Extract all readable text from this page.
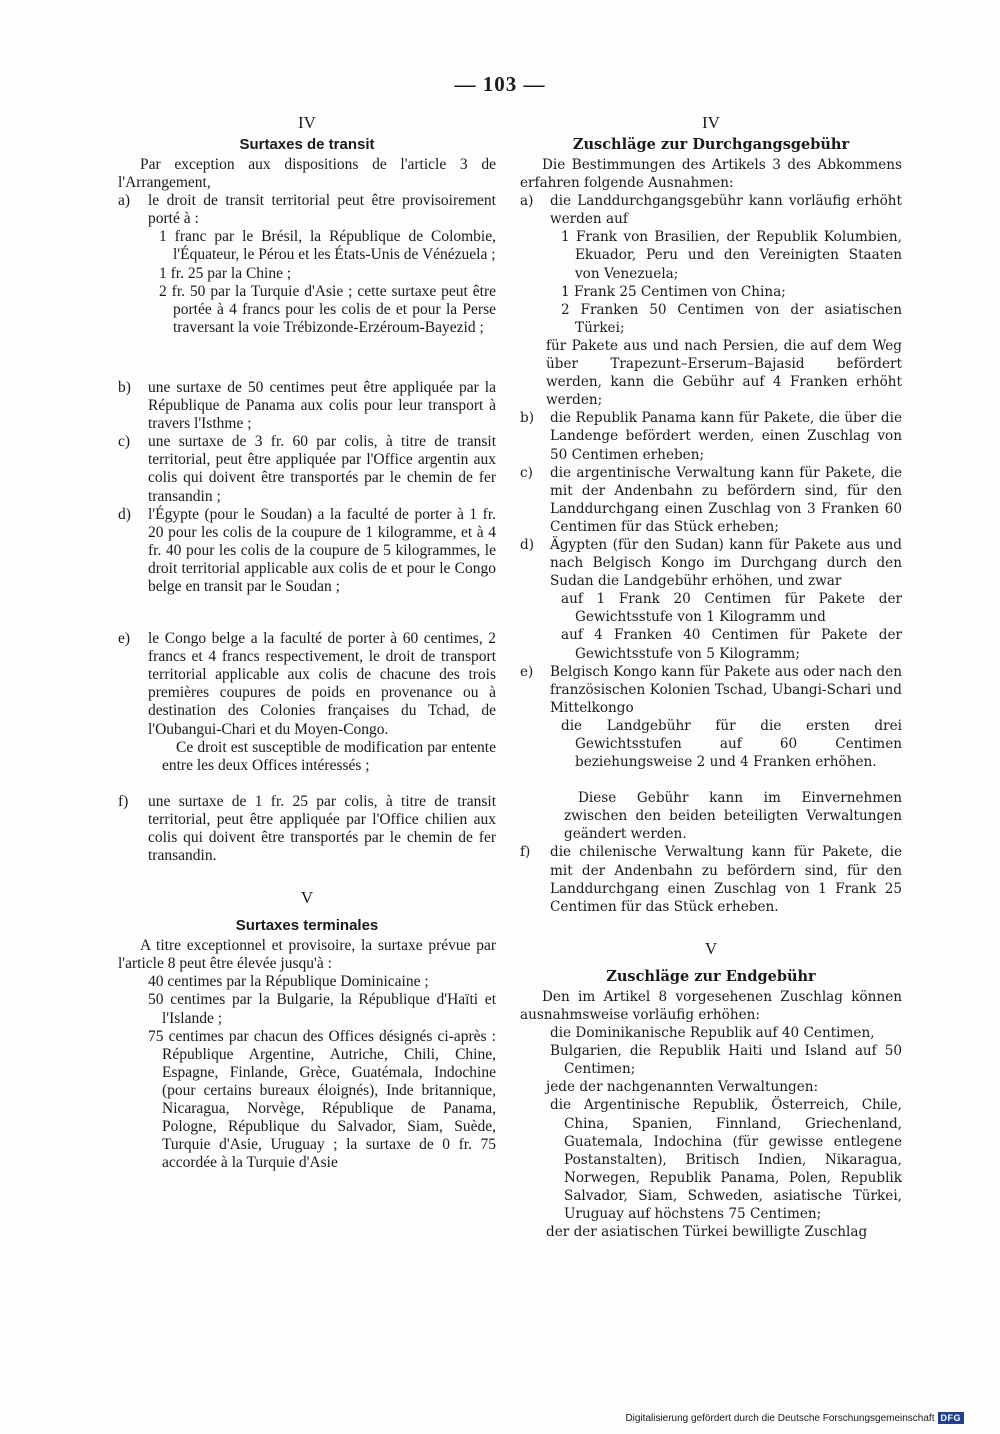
— 103 —

IV

Surtaxes de transit

Par exception aux dispositions de l'article 3 de l'Arrangement,

a) le droit de transit territorial peut être provisoirement porté à :

1 franc par le Brésil, la République de Colombie, l'Équateur, le Pérou et les États-Unis de Vénézuela ;

1 fr. 25 par la Chine ;

2 fr. 50 par la Turquie d'Asie ; cette surtaxe peut être portée à 4 francs pour les colis de et pour la Perse traversant la voie Trébizonde-Erzéroum-Bayezid ;

b) une surtaxe de 50 centimes peut être appliquée par la République de Panama aux colis pour leur transport à travers l'Isthme ;
c) une surtaxe de 3 fr. 60 par colis, à titre de transit territorial, peut être appliquée par l'Office argentin aux colis qui doivent être transportés par le chemin de fer transandin ;
d) l'Égypte (pour le Soudan) a la faculté de porter à 1 fr. 20 pour les colis de la coupure de 1 kilogramme, et à 4 fr. 40 pour les colis de la coupure de 5 kilogrammes, le droit territorial applicable aux colis de et pour le Congo belge en transit par le Soudan ;
e) le Congo belge a la faculté de porter à 60 centimes, 2 francs et 4 francs respectivement, le droit de transport territorial applicable aux colis de chacune des trois premières coupures de poids en provenance ou à destination des Colonies françaises du Tchad, de l'Oubangui-Chari et du Moyen-Congo.

Ce droit est susceptible de modification par entente entre les deux Offices intéressés ;

f) une surtaxe de 1 fr. 25 par colis, à titre de transit territorial, peut être appliquée par l'Office chilien aux colis qui doivent être transportés par le chemin de fer transandin.

V

Surtaxes terminales

A titre exceptionnel et provisoire, la surtaxe prévue par l'article 8 peut être élevée jusqu'à :

40 centimes par la République Dominicaine ;

50 centimes par la Bulgarie, la République d'Haïti et l'Islande ;

75 centimes par chacun des Offices désignés ci-après : République Argentine, Autriche, Chili, Chine, Espagne, Finlande, Grèce, Guatémala, Indochine (pour certains bureaux éloignés), Inde britannique, Nicaragua, Norvège, République de Panama, Pologne, République du Salvador, Siam, Suède, Turquie d'Asie, Uruguay ; la surtaxe de 0 fr. 75 accordée à la Turquie d'Asie

IV

Zuschläge zur Durchgangsgebühr

Die Bestimmungen des Artikels 3 des Abkommens erfahren folgende Ausnahmen:

a) die Landdurchgangsgebühr kann vorläufig erhöht werden auf

1 Frank von Brasilien, der Republik Kolumbien, Ekuador, Peru und den Vereinigten Staaten von Venezuela;

1 Frank 25 Centimen von China;

2 Franken 50 Centimen von der asiatischen Türkei;

für Pakete aus und nach Persien, die auf dem Weg über Trapezunt–Erserum–Bajasid befördert werden, kann die Gebühr auf 4 Franken erhöht werden;

b) die Republik Panama kann für Pakete, die über die Landenge befördert werden, einen Zuschlag von 50 Centimen erheben;
c) die argentinische Verwaltung kann für Pakete, die mit der Andenbahn zu befördern sind, für den Landdurchgang einen Zuschlag von 3 Franken 60 Centimen für das Stück erheben;
d) Ägypten (für den Sudan) kann für Pakete aus und nach Belgisch Kongo im Durchgang durch den Sudan die Landgebühr erhöhen, und zwar

auf 1 Frank 20 Centimen für Pakete der Gewichtsstufe von 1 Kilogramm und

auf 4 Franken 40 Centimen für Pakete der Gewichtsstufe von 5 Kilogramm;

e) Belgisch Kongo kann für Pakete aus oder nach den französischen Kolonien Tschad, Ubangi-Schari und Mittelkongo

die Landgebühr für die ersten drei Gewichtsstufen auf 60 Centimen beziehungsweise 2 und 4 Franken erhöhen.

Diese Gebühr kann im Einvernehmen zwischen den beiden beteiligten Verwaltungen geändert werden.

f) die chilenische Verwaltung kann für Pakete, die mit der Andenbahn zu befördern sind, für den Landdurchgang einen Zuschlag von 1 Frank 25 Centimen für das Stück erheben.

V

Zuschläge zur Endgebühr

Den im Artikel 8 vorgesehenen Zuschlag können ausnahmsweise vorläufig erhöhen:

die Dominikanische Republik auf 40 Centimen,

Bulgarien, die Republik Haiti und Island auf 50 Centimen;

jede der nachgenannten Verwaltungen:

die Argentinische Republik, Österreich, Chile, China, Spanien, Finnland, Griechenland, Guatemala, Indochina (für gewisse entlegene Postanstalten), Britisch Indien, Nikaragua, Norwegen, Republik Panama, Polen, Republik Salvador, Siam, Schweden, asiatische Türkei, Uruguay auf höchstens 75 Centimen;

der der asiatischen Türkei bewilligte Zuschlag

Digitalisierung gefördert durch die Deutsche Forschungsgemeinschaft DFG
